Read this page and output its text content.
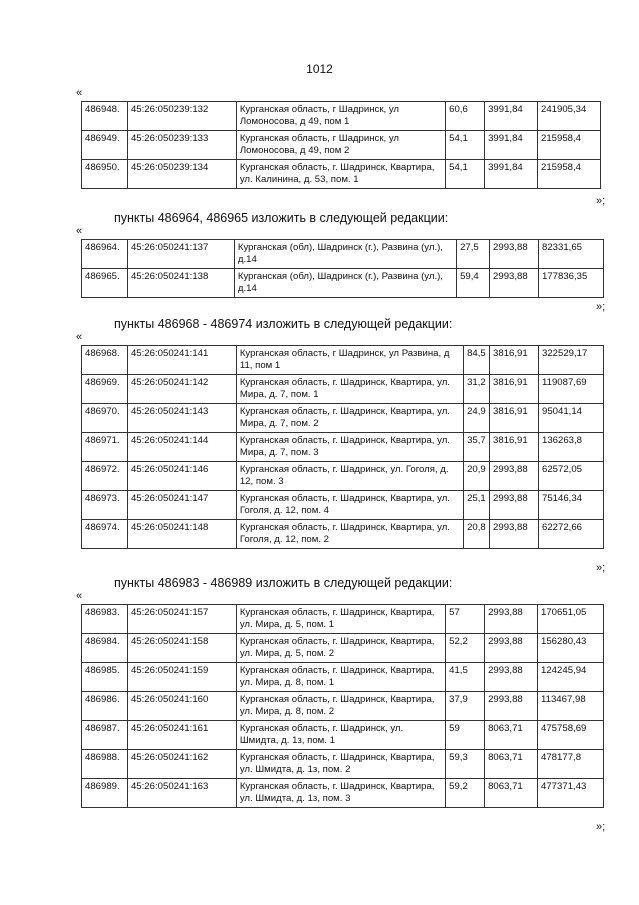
1012
«
486948.	45:26:050239:132	Курганская область, г Шадринск, ул Ломоносова, д 49, пом 1	60,6	3991,84	241905,34
486949.	45:26:050239:133	Курганская область, г Шадринск, ул Ломоносова, д 49, пом 2	54,1	3991,84	215958,4
486950.	45:26:050239:134	Курганская область, г. Шадринск, Квартира, ул. Калинина, д. 53, пом. 1	54,1	3991,84	215958,4
»;
пункты 486964, 486965 изложить в следующей редакции:
«
486964.	45:26:050241:137	Курганская (обл), Шадринск (г.), Развина (ул.), д.14	27,5	2993,88	82331,65
486965.	45:26:050241:138	Курганская (обл), Шадринск (г.), Развина (ул.), д.14	59,4	2993,88	177836,35
»;
пункты 486968 - 486974 изложить в следующей редакции:
«
486968.	45:26:050241:141	Курганская область, г Шадринск, ул Развина, д 11, пом 1	84,5	3816,91	322529,17
486969.	45:26:050241:142	Курганская область, г. Шадринск, Квартира, ул. Мира, д. 7, пом. 1	31,2	3816,91	119087,69
486970.	45:26:050241:143	Курганская область, г. Шадринск, Квартира, ул. Мира, д. 7, пом. 2	24,9	3816,91	95041,14
486971.	45:26:050241:144	Курганская область, г. Шадринск, Квартира, ул. Мира, д. 7, пом. 3	35,7	3816,91	136263,8
486972.	45:26:050241:146	Курганская область, г. Шадринск, ул. Гоголя, д. 12, пом. 3	20,9	2993,88	62572,05
486973.	45:26:050241:147	Курганская область, г. Шадринск, Квартира, ул. Гоголя, д. 12, пом. 4	25,1	2993,88	75146,34
486974.	45:26:050241:148	Курганская область, г. Шадринск, Квартира, ул. Гоголя, д. 12, пом. 2	20,8	2993,88	62272,66
»;
пункты 486983 - 486989 изложить в следующей редакции:
«
486983.	45:26:050241:157	Курганская область, г. Шадринск, Квартира, ул. Мира, д. 5, пом. 1	57	2993,88	170651,05
486984.	45:26:050241:158	Курганская область, г. Шадринск, Квартира, ул. Мира, д. 5, пом. 2	52,2	2993,88	156280,43
486985.	45:26:050241:159	Курганская область, г. Шадринск, Квартира, ул. Мира, д. 8, пом. 1	41,5	2993,88	124245,94
486986.	45:26:050241:160	Курганская область, г. Шадринск, Квартира, ул. Мира, д. 8, пом. 2	37,9	2993,88	113467,98
486987.	45:26:050241:161	Курганская область, г. Шадринск, ул. Шмидта, д. 1з, пом. 1	59	8063,71	475758,69
486988.	45:26:050241:162	Курганская область, г. Шадринск, Квартира, ул. Шмидта, д. 1з, пом. 2	59,3	8063,71	478177,8
486989.	45:26:050241:163	Курганская область, г. Шадринск, Квартира, ул. Шмидта, д. 1з, пом. 3	59,2	8063,71	477371,43
»;
